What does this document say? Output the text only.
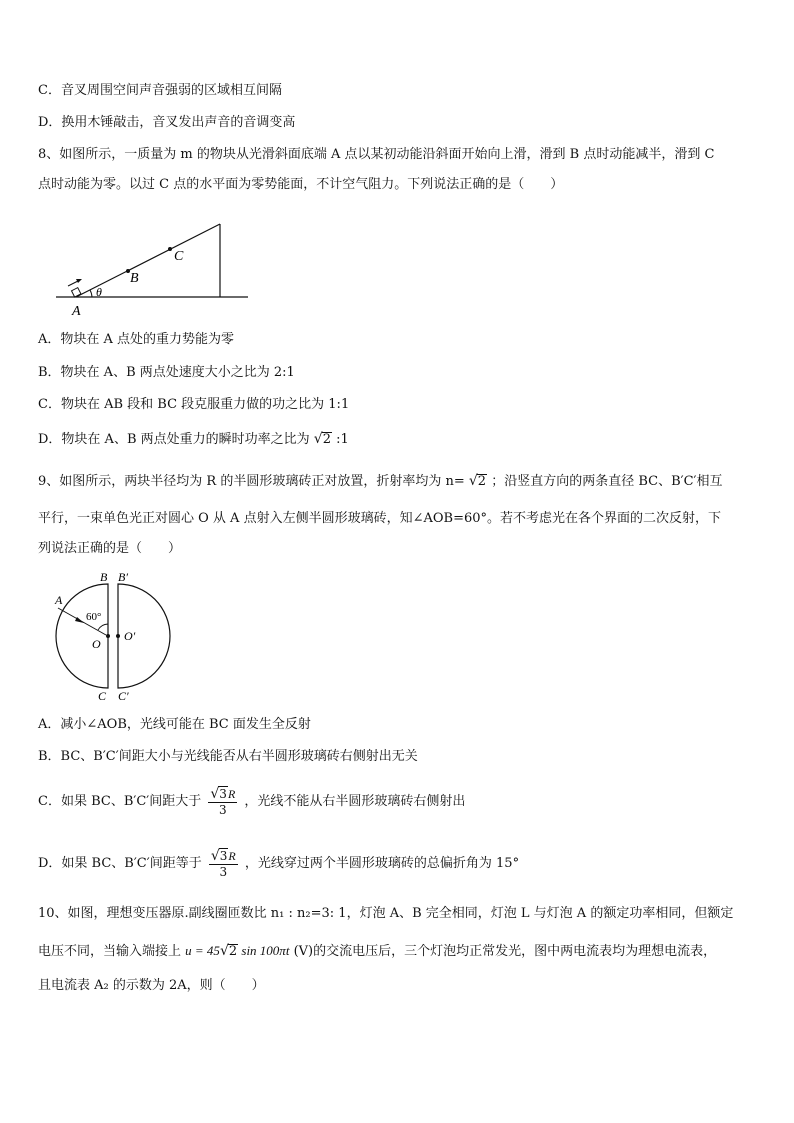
C．音叉周围空间声音强弱的区域相互间隔
D．换用木锤敲击，音叉发出声音的音调变高
8、如图所示，一质量为 m 的物块从光滑斜面底端 A 点以某初动能沿斜面开始向上滑，滑到 B 点时动能减半，滑到 C
点时动能为零。以过 C 点的水平面为零势能面，不计空气阻力。下列说法正确的是（　　）
A
θ
B
C
A．物块在 A 点处的重力势能为零
B．物块在 A、B 两点处速度大小之比为 2:1
C．物块在 AB 段和 BC 段克服重力做的功之比为 1:1
D．物块在 A、B 两点处重力的瞬时功率之比为 √2 :1
9、如图所示，两块半径均为 R 的半圆形玻璃砖正对放置，折射率均为 n= √2 ；沿竖直方向的两条直径 BC、B′C′相互
平行，一束单色光正对圆心 O 从 A 点射入左侧半圆形玻璃砖，知∠AOB=60°。若不考虑光在各个界面的二次反射，下
列说法正确的是（　　）
A
60°
B B′
O
O′
C C′
A．减小∠AOB，光线可能在 BC 面发生全反射
B．BC、B′C′间距大小与光线能否从右半圆形玻璃砖右侧射出无关
C．如果 BC、B′C′间距大于 $\frac{√3R}{3}$ ，光线不能从右半圆形玻璃砖右侧射出
D．如果 BC、B′C′间距等于 $\frac{√3R}{3}$ ，光线穿过两个半圆形玻璃砖的总偏折角为 15°
10、如图，理想变压器原.副线圈匝数比 n₁ : n₂=3: 1，灯泡 A、B 完全相同，灯泡 L 与灯泡 A 的额定功率相同，但额定
电压不同，当输入端接上 u = 45√2 sin 100πt (V)的交流电压后，三个灯泡均正常发光，图中两电流表均为理想电流表，
且电流表 A₂ 的示数为 2A，则（　　）
